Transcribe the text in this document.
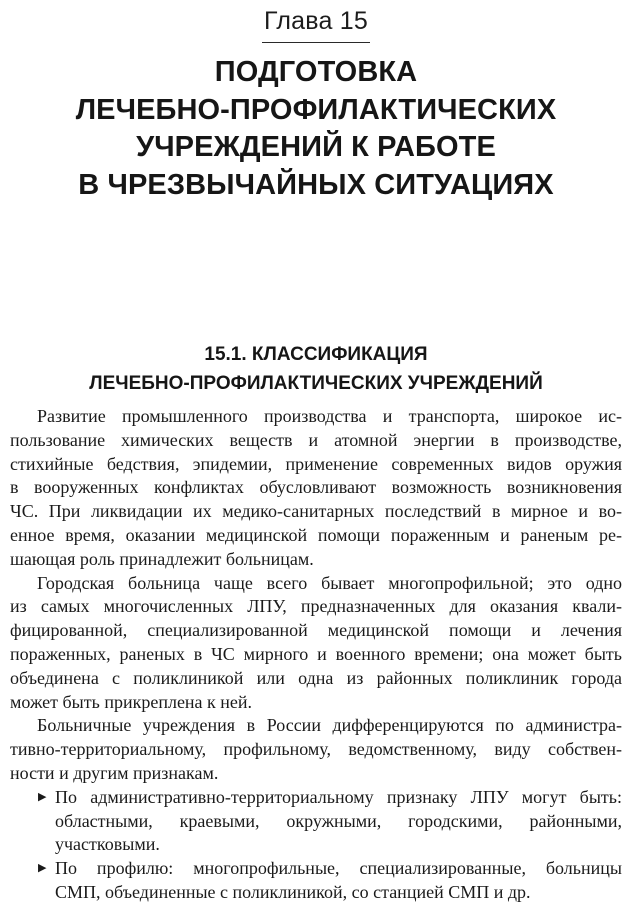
Глава 15
ПОДГОТОВКА
ЛЕЧЕБНО-ПРОФИЛАКТИЧЕСКИХ
УЧРЕЖДЕНИЙ К РАБОТЕ
В ЧРЕЗВЫЧАЙНЫХ СИТУАЦИЯХ
15.1. КЛАССИФИКАЦИЯ
ЛЕЧЕБНО-ПРОФИЛАКТИЧЕСКИХ УЧРЕЖДЕНИЙ

Развитие промышленного производства и транспорта, широкое ис-
пользование химических веществ и атомной энергии в производстве,
стихийные бедствия, эпидемии, применение современных видов оружия
в вооруженных конфликтах обусловливают возможность возникновения
ЧС. При ликвидации их медико-санитарных последствий в мирное и во-
енное время, оказании медицинской помощи пораженным и раненым ре-
шающая роль принадлежит больницам.

Городская больница чаще всего бывает многопрофильной; это одно
из самых многочисленных ЛПУ, предназначенных для оказания квали-
фицированной, специализированной медицинской помощи и лечения
пораженных, раненых в ЧС мирного и военного времени; она может быть
объединена с поликлиникой или одна из районных поликлиник города
может быть прикреплена к ней.

Больничные учреждения в России дифференцируются по администра-
тивно-территориальному, профильному, ведомственному, виду собствен-
ности и другим признакам.

▶ По административно-территориальному признаку ЛПУ могут быть:
областными, краевыми, окружными, городскими, районными,
участковыми.
▶ По профилю: многопрофильные, специализированные, больницы
СМП, объединенные с поликлиникой, со станцией СМП и др.
